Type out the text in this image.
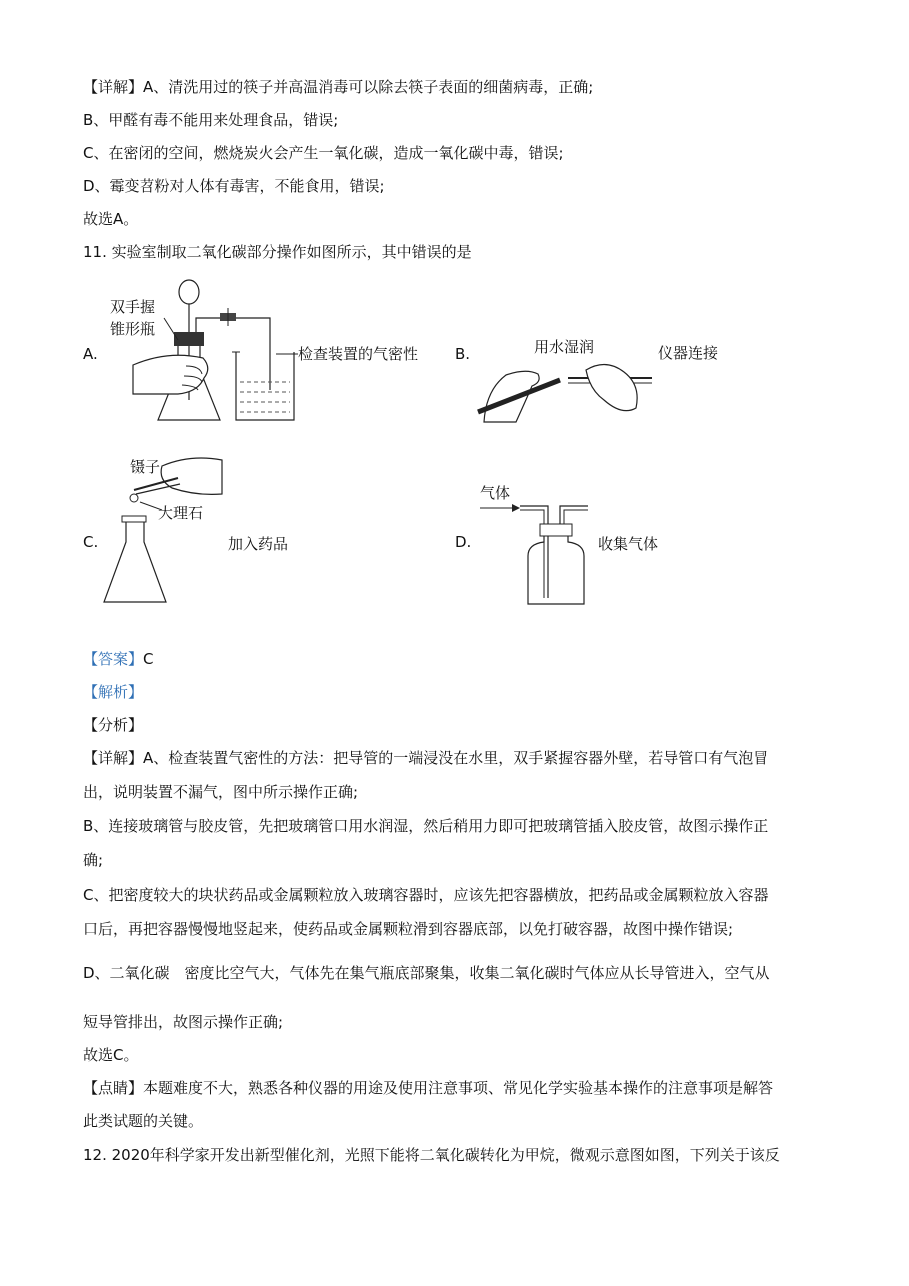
【详解】A、清洗用过的筷子并高温消毒可以除去筷子表面的细菌病毒，正确;
B、甲醛有毒不能用来处理食品，错误;
C、在密闭的空间，燃烧炭火会产生一氧化碳，造成一氧化碳中毒，错误;
D、霉变苕粉对人体有毒害，不能食用，错误;
故选A。
11. 实验室制取二氧化碳部分操作如图所示，其中错误的是
A.
双手握
锥形瓶
检查装置的气密性 B.	用水湿润	仪器连接
C.
镊子
大理石
加入药品	D.
气体
收集气体
【答案】C
【解析】
【分析】
【详解】A、检查装置气密性的方法：把导管的一端浸没在水里，双手紧握容器外壁，若导管口有气泡冒
出，说明装置不漏气，图中所示操作正确;
B、连接玻璃管与胶皮管，先把玻璃管口用水润湿，然后稍用力即可把玻璃管插入胶皮管，故图示操作正
确;
C、把密度较大的块状药品或金属颗粒放入玻璃容器时，应该先把容器横放，把药品或金属颗粒放入容器
口后，再把容器慢慢地竖起来，使药品或金属颗粒滑到容器底部，以免打破容器，故图中操作错误;
D、二氧化碳　密度比空气大，气体先在集气瓶底部聚集，收集二氧化碳时气体应从长导管进入，空气从
短导管排出，故图示操作正确;
故选C。
【点睛】本题难度不大，熟悉各种仪器的用途及使用注意事项、常见化学实验基本操作的注意事项是解答
此类试题的关键。
12. 2020年科学家开发出新型催化剂，光照下能将二氧化碳转化为甲烷，微观示意图如图，下列关于该反
